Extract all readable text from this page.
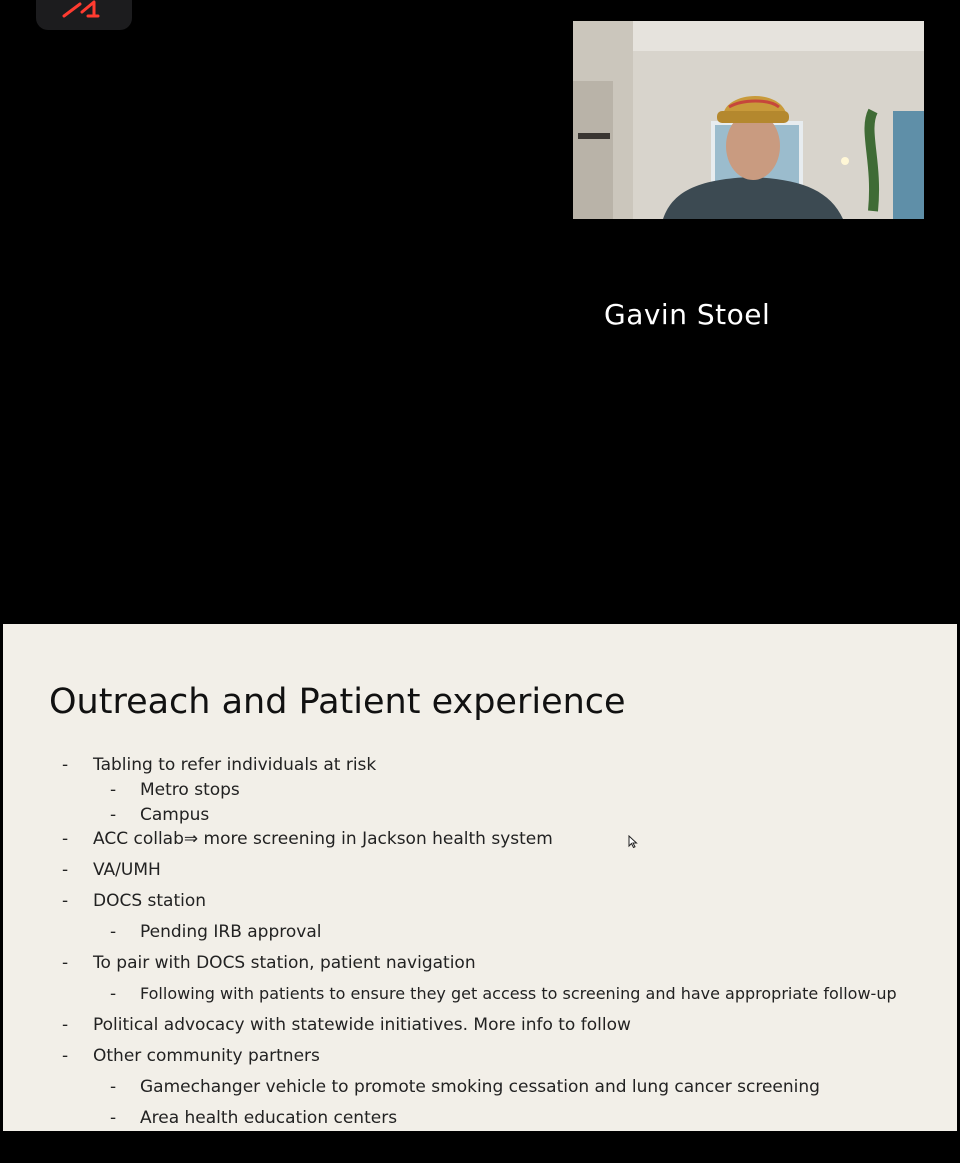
Gavin Stoel
Outreach and Patient experience
- Tabling to refer individuals at risk
- Metro stops
- Campus
- ACC collab⇒ more screening in Jackson health system
- VA/UMH
- DOCS station
- Pending IRB approval
- To pair with DOCS station, patient navigation
- Following with patients to ensure they get access to screening and have appropriate follow-up
- Political advocacy with statewide initiatives. More info to follow
- Other community partners
- Gamechanger vehicle to promote smoking cessation and lung cancer screening
- Area health education centers
